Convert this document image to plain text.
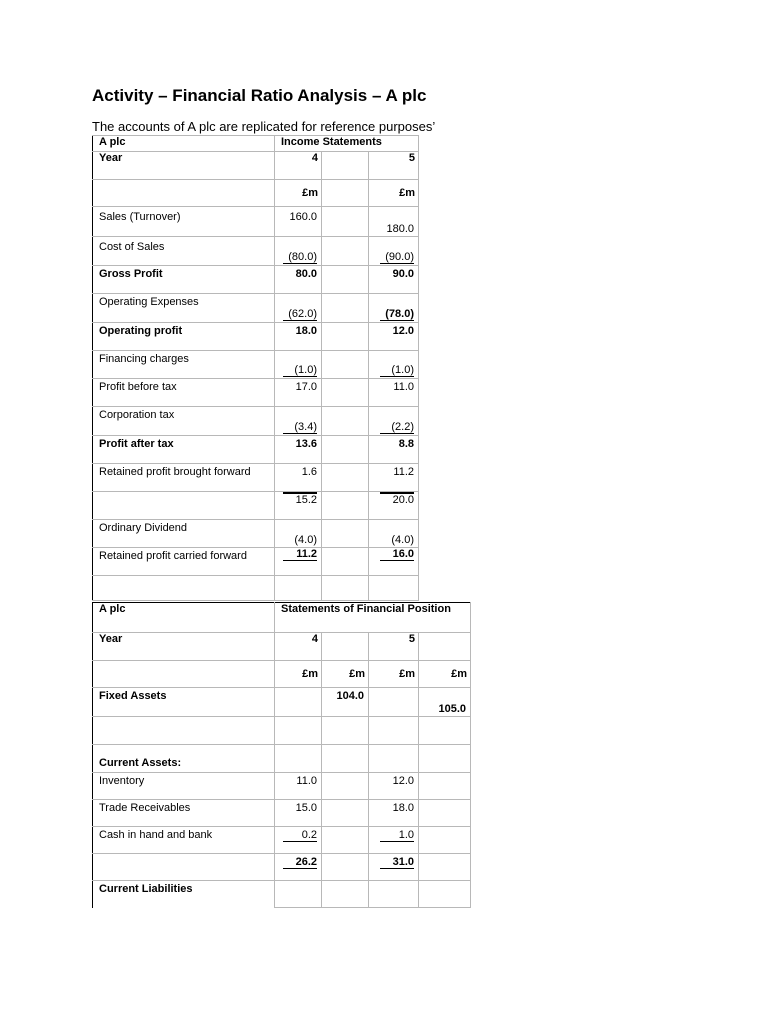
Activity – Financial Ratio Analysis – A plc

The accounts of A plc are replicated for reference purposes’

A plc	Income Statements		
Year	4		5
	£m		£m
Sales (Turnover)	160.0		180.0
Cost of Sales	(80.0)		(90.0)
Gross Profit	80.0		90.0
Operating Expenses	(62.0)		(78.0)
Operating profit	18.0		12.0
Financing charges	(1.0)		(1.0)
Profit before tax	17.0		11.0
Corporation tax	(3.4)		(2.2)
Profit after tax	13.6		8.8
Retained profit brought forward	1.6		11.2
	15.2		20.0
Ordinary Dividend	(4.0)		(4.0)
Retained profit carried forward	11.2		16.0

A plc	Statements of Financial Position			
Year	4		5	
	£m	£m	£m	£m
Fixed Assets		104.0		105.0

Current Assets:				
Inventory	11.0		12.0	
Trade Receivables	15.0		18.0	
Cash in hand and bank	0.2		1.0	
	26.2		31.0	
Current Liabilities				
